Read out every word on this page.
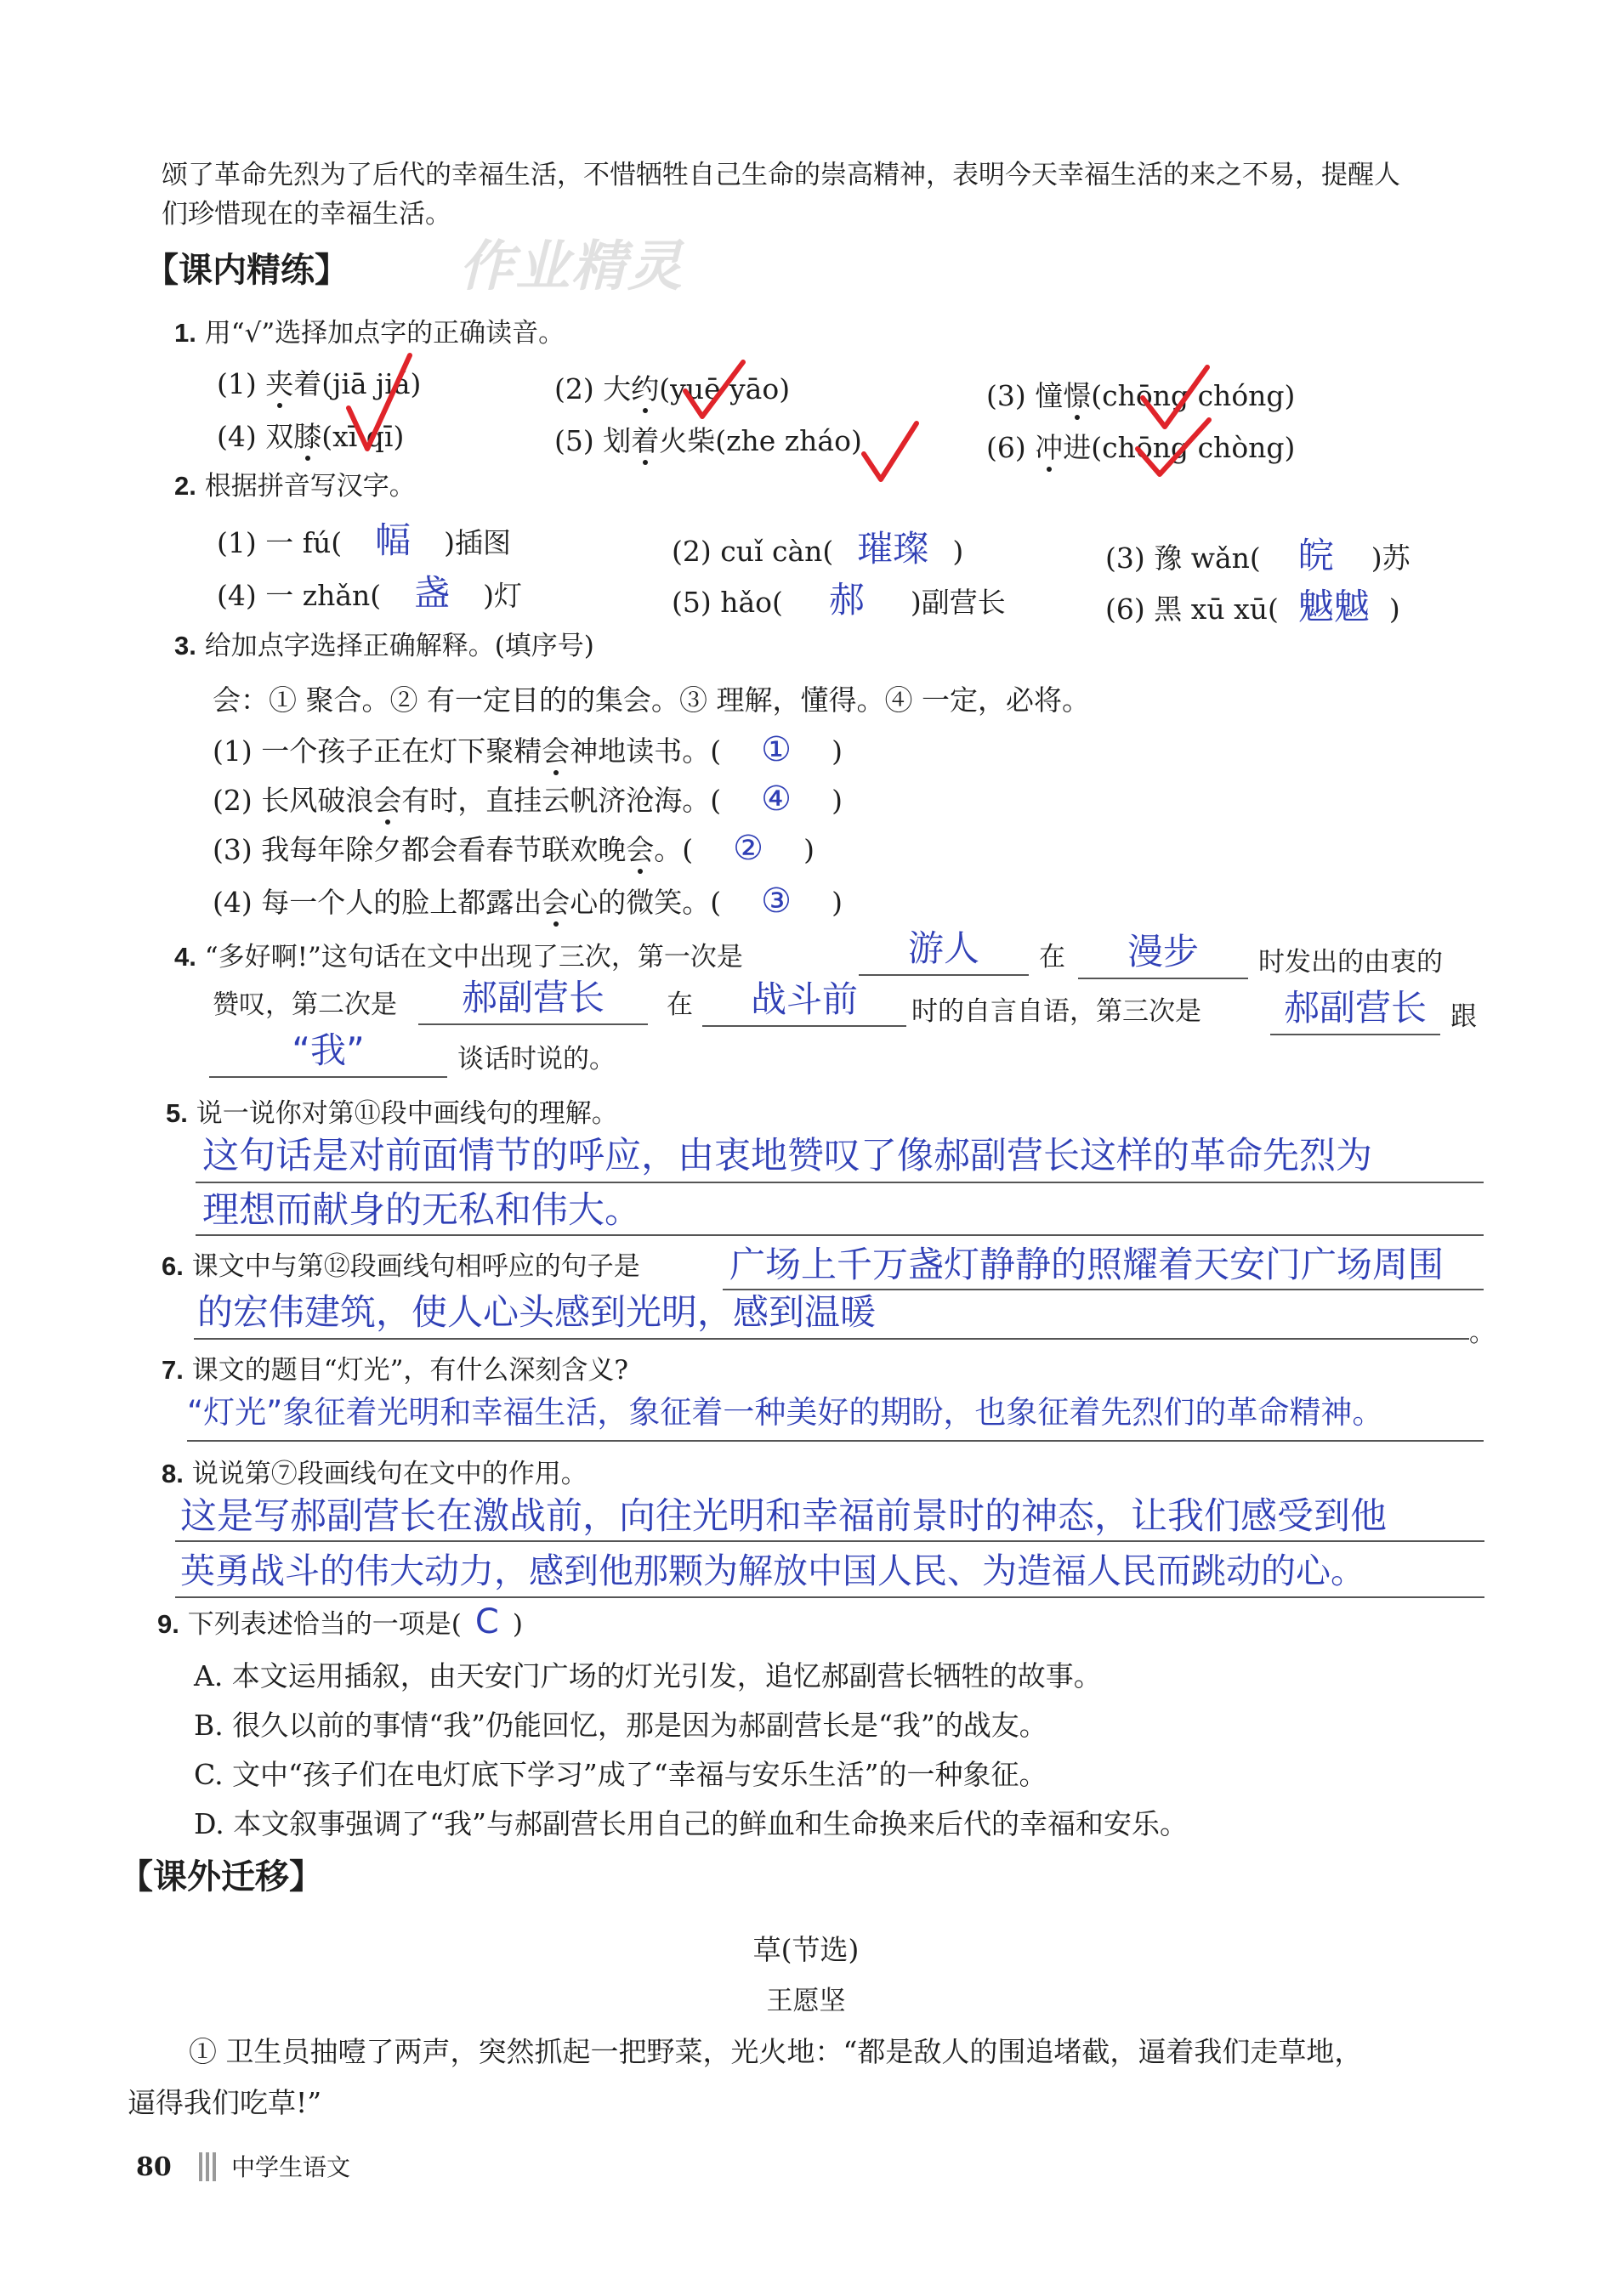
颂了革命先烈为了后代的幸福生活，不惜牺牲自己生命的崇高精神，表明今天幸福生活的来之不易，提醒人
们珍惜现在的幸福生活。
作业精灵
【课内精练】
1. 用“√”选择加点字的正确读音。
(1) 夹着(jiā jiá)	(2) 大约(yuē yāo)	(3) 憧憬(chōng chóng)
(4) 双膝(xī qī)	(5) 划着火柴(zhe zháo)	(6) 冲进(chōng chòng)
2. 根据拼音写汉字。
(1) 一 fú( 幅 )插图	(2) cuǐ càn( 璀璨 )	(3) 豫 wǎn( 皖 )苏
(4) 一 zhǎn( 盏 )灯	(5) hǎo( 郝 )副营长	(6) 黑 xū xū( 魆魆 )
3. 给加点字选择正确解释。(填序号)
会：① 聚合。② 有一定目的的集会。③ 理解，懂得。④ 一定，必将。
(1) 一个孩子正在灯下聚精会神地读书。( ① )
(2) 长风破浪会有时，直挂云帆济沧海。( ④ )
(3) 我每年除夕都会看春节联欢晚会。( ② )
(4) 每一个人的脸上都露出会心的微笑。( ③ )
4. “多好啊!”这句话在文中出现了三次，第一次是	游人	在	漫步	时发出的由衷的
赞叹，第二次是	郝副营长	在	战斗前	时的自言自语，第三次是	郝副营长 跟
“我”	谈话时说的。
5. 说一说你对第⑪段中画线句的理解。
这句话是对前面情节的呼应，由衷地赞叹了像郝副营长这样的革命先烈为
理想而献身的无私和伟大。
6. 课文中与第⑫段画线句相呼应的句子是	广场上千万盏灯静静的照耀着天安门广场周围
的宏伟建筑，使人心头感到光明，感到温暖	。
7. 课文的题目“灯光”，有什么深刻含义?
“灯光”象征着光明和幸福生活，象征着一种美好的期盼，也象征着先烈们的革命精神。
8. 说说第⑦段画线句在文中的作用。
这是写郝副营长在激战前，向往光明和幸福前景时的神态，让我们感受到他
英勇战斗的伟大动力，感到他那颗为解放中国人民、为造福人民而跳动的心。
9. 下列表述恰当的一项是( C )
A. 本文运用插叙，由天安门广场的灯光引发，追忆郝副营长牺牲的故事。
B. 很久以前的事情“我”仍能回忆，那是因为郝副营长是“我”的战友。
C. 文中“孩子们在电灯底下学习”成了“幸福与安乐生活”的一种象征。
D. 本文叙事强调了“我”与郝副营长用自己的鲜血和生命换来后代的幸福和安乐。
【课外迁移】
草(节选)
王愿坚
① 卫生员抽噎了两声，突然抓起一把野菜，光火地：“都是敌人的围追堵截，逼着我们走草地，
逼得我们吃草!”
80	中学生语文
